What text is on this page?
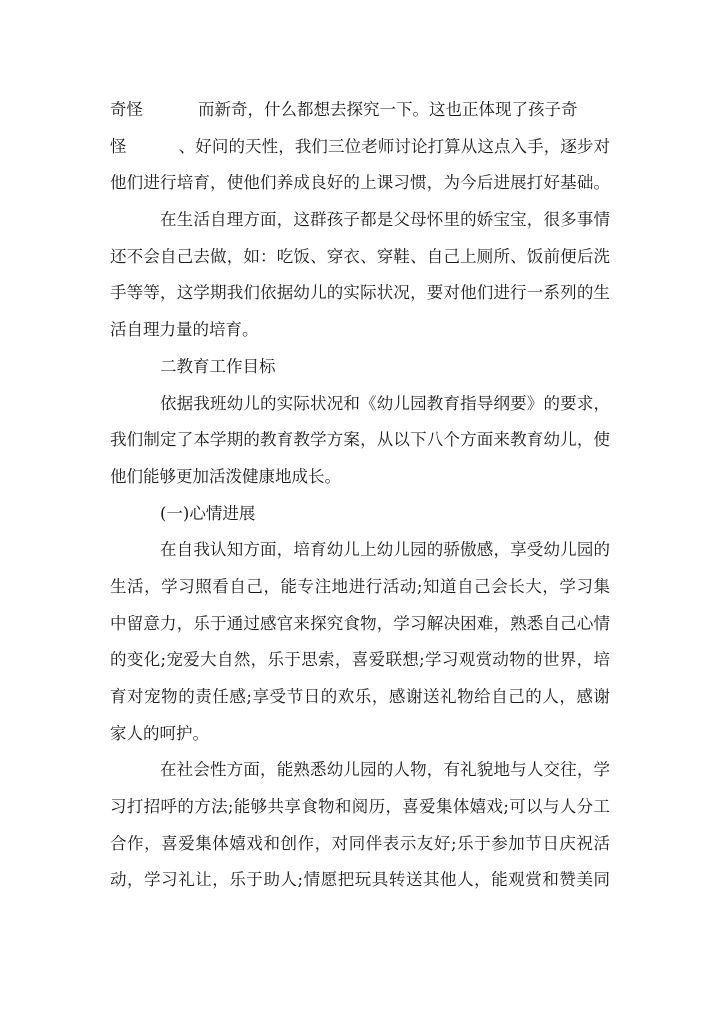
奇怪	而新奇，什么都想去探究一下。这也正体现了孩子奇
怪	、好问的天性，我们三位老师讨论打算从这点入手，逐步对
他们进行培育，使他们养成良好的上课习惯，为今后进展打好基础。
在生活自理方面，这群孩子都是父母怀里的娇宝宝，很多事情
还不会自己去做，如：吃饭、穿衣、穿鞋、自己上厕所、饭前便后洗
手等等，这学期我们依据幼儿的实际状况，要对他们进行一系列的生
活自理力量的培育。
二教育工作目标
依据我班幼儿的实际状况和《幼儿园教育指导纲要》的要求，
我们制定了本学期的教育教学方案，从以下八个方面来教育幼儿，使
他们能够更加活泼健康地成长。
(一)心情进展
在自我认知方面，培育幼儿上幼儿园的骄傲感，享受幼儿园的
生活，学习照看自己，能专注地进行活动;知道自己会长大，学习集
中留意力，乐于通过感官来探究食物，学习解决困难，熟悉自己心情
的变化;宠爱大自然，乐于思索，喜爱联想;学习观赏动物的世界，培
育对宠物的责任感;享受节日的欢乐，感谢送礼物给自己的人，感谢
家人的呵护。
在社会性方面，能熟悉幼儿园的人物，有礼貌地与人交往，学
习打招呼的方法;能够共享食物和阅历，喜爱集体嬉戏;可以与人分工
合作，喜爱集体嬉戏和创作，对同伴表示友好;乐于参加节日庆祝活
动，学习礼让，乐于助人;情愿把玩具转送其他人，能观赏和赞美同
